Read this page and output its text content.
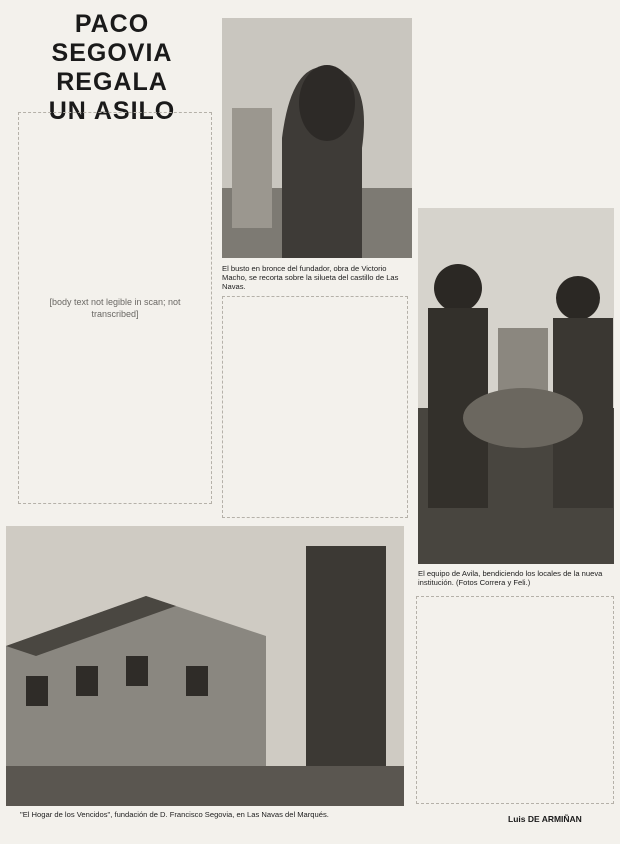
PACO SEGOVIA
REGALA
UN ASILO
[body text not legible in scan; not transcribed]
El busto en bronce del fundador, obra de Victorio Macho, se recorta sobre la silueta del castillo de Las Navas.
El equipo de Avila, bendiciendo los locales de la nueva institución. (Fotos Correra y Feli.)
"El Hogar de los Vencidos", fundación de D. Francisco Segovia, en Las Navas del Marqués.	Luis DE ARMIÑAN
